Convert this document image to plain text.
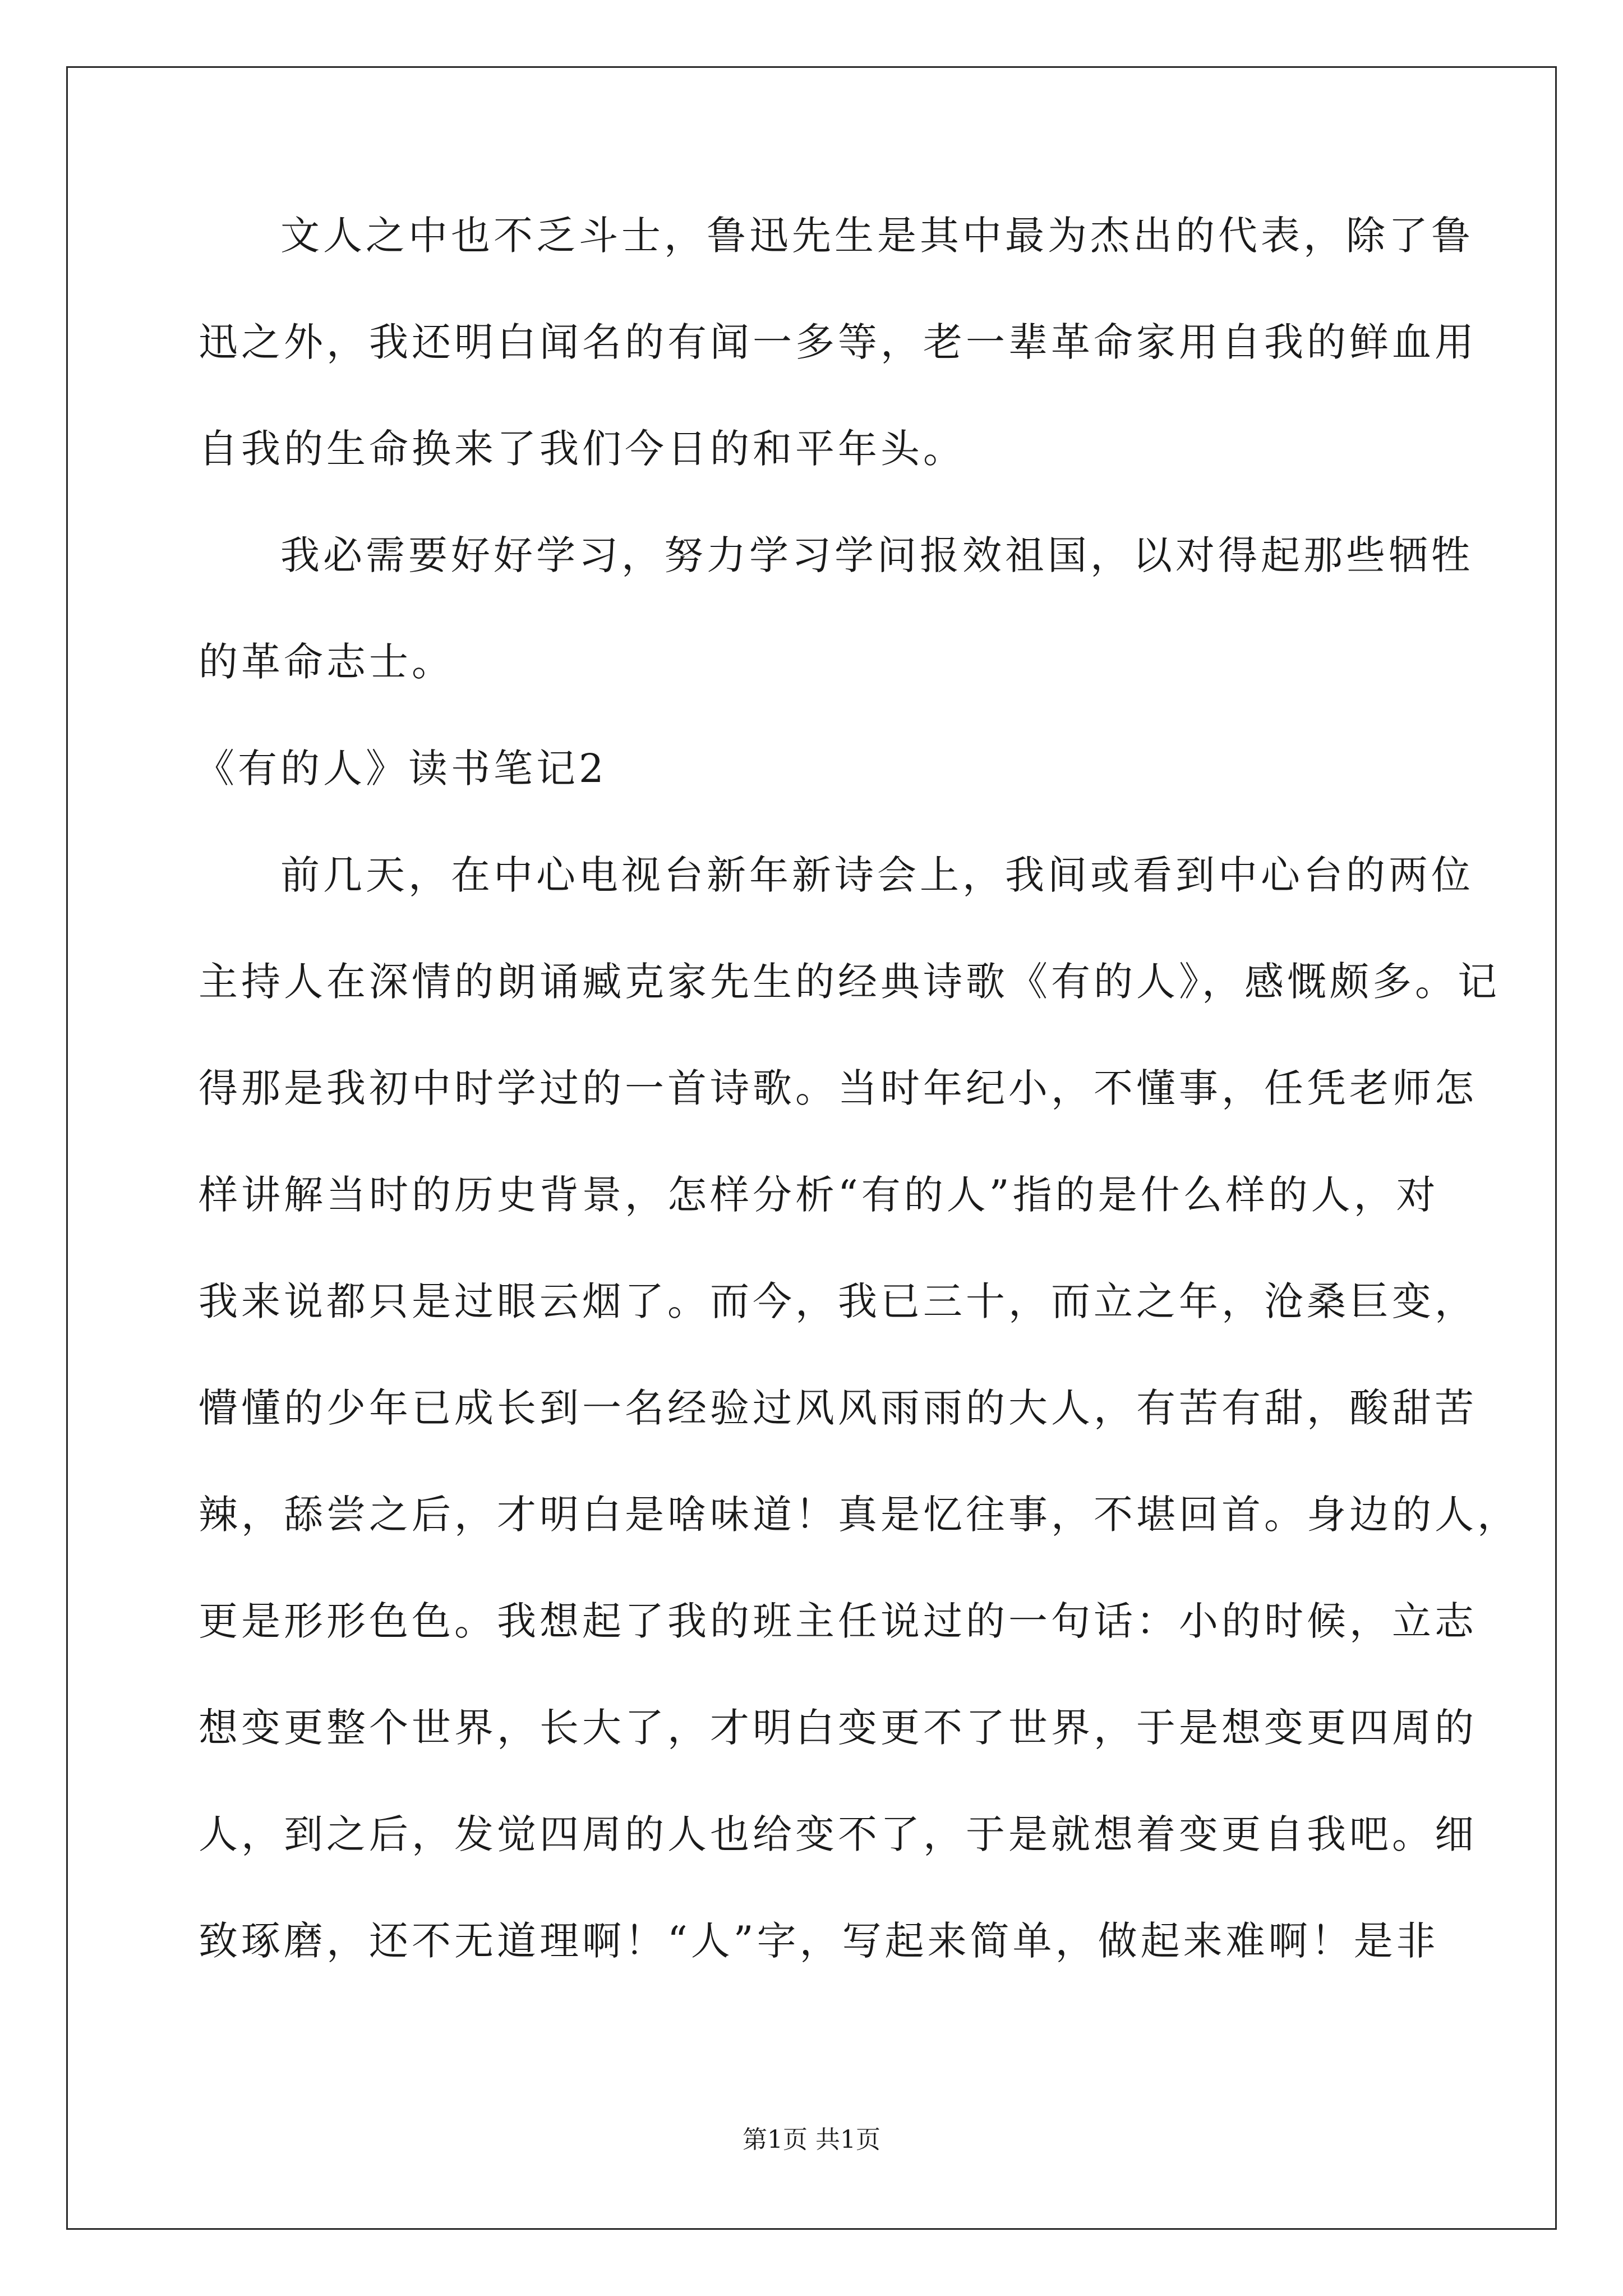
文人之中也不乏斗士，鲁迅先生是其中最为杰出的代表，除了鲁
迅之外，我还明白闻名的有闻一多等，老一辈革命家用自我的鲜血用
自我的生命换来了我们今日的和平年头。
我必需要好好学习，努力学习学问报效祖国，以对得起那些牺牲
的革命志士。
《有的人》读书笔记2
前几天，在中心电视台新年新诗会上，我间或看到中心台的两位
主持人在深情的朗诵臧克家先生的经典诗歌《有的人》，感慨颇多。记
得那是我初中时学过的一首诗歌。当时年纪小，不懂事，任凭老师怎
样讲解当时的历史背景，怎样分析“有的人”指的是什么样的人，对
我来说都只是过眼云烟了。而今，我已三十，而立之年，沧桑巨变，
懵懂的少年已成长到一名经验过风风雨雨的大人，有苦有甜，酸甜苦
辣，舔尝之后，才明白是啥味道！真是忆往事，不堪回首。身边的人，
更是形形色色。我想起了我的班主任说过的一句话：小的时候，立志
想变更整个世界，长大了，才明白变更不了世界，于是想变更四周的
人，到之后，发觉四周的人也给变不了，于是就想着变更自我吧。细
致琢磨，还不无道理啊！“人”字，写起来简单，做起来难啊！是非
第1页 共1页
